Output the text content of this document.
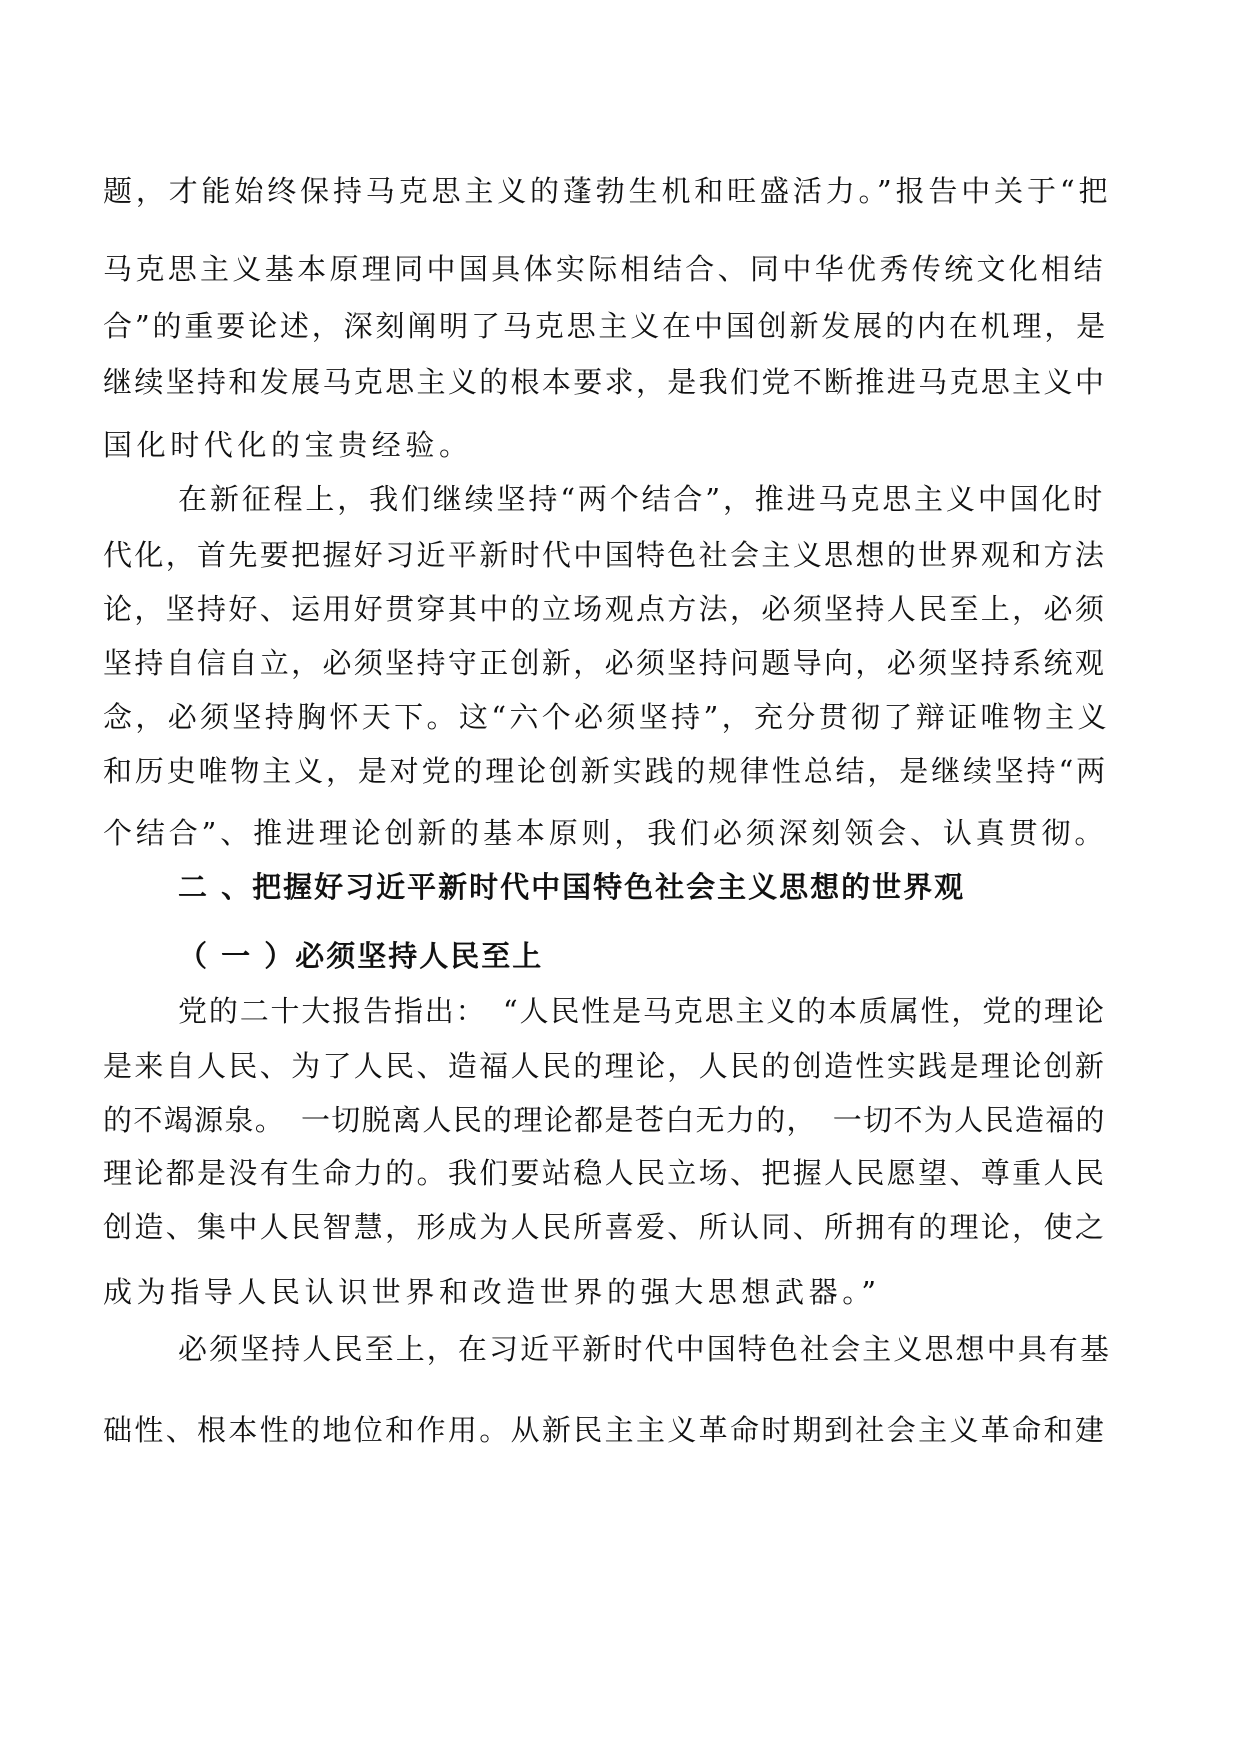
题，才能始终保持马克思主义的蓬勃生机和旺盛活力。”报告中关于“把

马克思主义基本原理同中国具体实际相结合、同中华优秀传统文化相结

合”的重要论述，深刻阐明了马克思主义在中国创新发展的内在机理，是

继续坚持和发展马克思主义的根本要求，是我们党不断推进马克思主义中

国化时代化的宝贵经验。

在新征程上，我们继续坚持“两个结合”，推进马克思主义中国化时

代化，首先要把握好习近平新时代中国特色社会主义思想的世界观和方法

论，坚持好、运用好贯穿其中的立场观点方法，必须坚持人民至上，必须

坚持自信自立，必须坚持守正创新，必须坚持问题导向，必须坚持系统观

念，必须坚持胸怀天下。这“六个必须坚持”，充分贯彻了辩证唯物主义

和历史唯物主义，是对党的理论创新实践的规律性总结，是继续坚持“两

个结合”、推进理论创新的基本原则，我们必须深刻领会、认真贯彻。

二 、把握好习近平新时代中国特色社会主义思想的世界观

（ 一 ）必须坚持人民至上

党的二十大报告指出：　“人民性是马克思主义的本质属性，党的理论

是来自人民、为了人民、造福人民的理论，人民的创造性实践是理论创新

的不竭源泉。　一切脱离人民的理论都是苍白无力的，　一切不为人民造福的

理论都是没有生命力的。我们要站稳人民立场、把握人民愿望、尊重人民

创造、集中人民智慧，形成为人民所喜爱、所认同、所拥有的理论，使之

成为指导人民认识世界和改造世界的强大思想武器。”

必须坚持人民至上，在习近平新时代中国特色社会主义思想中具有基

础性、根本性的地位和作用。从新民主主义革命时期到社会主义革命和建
